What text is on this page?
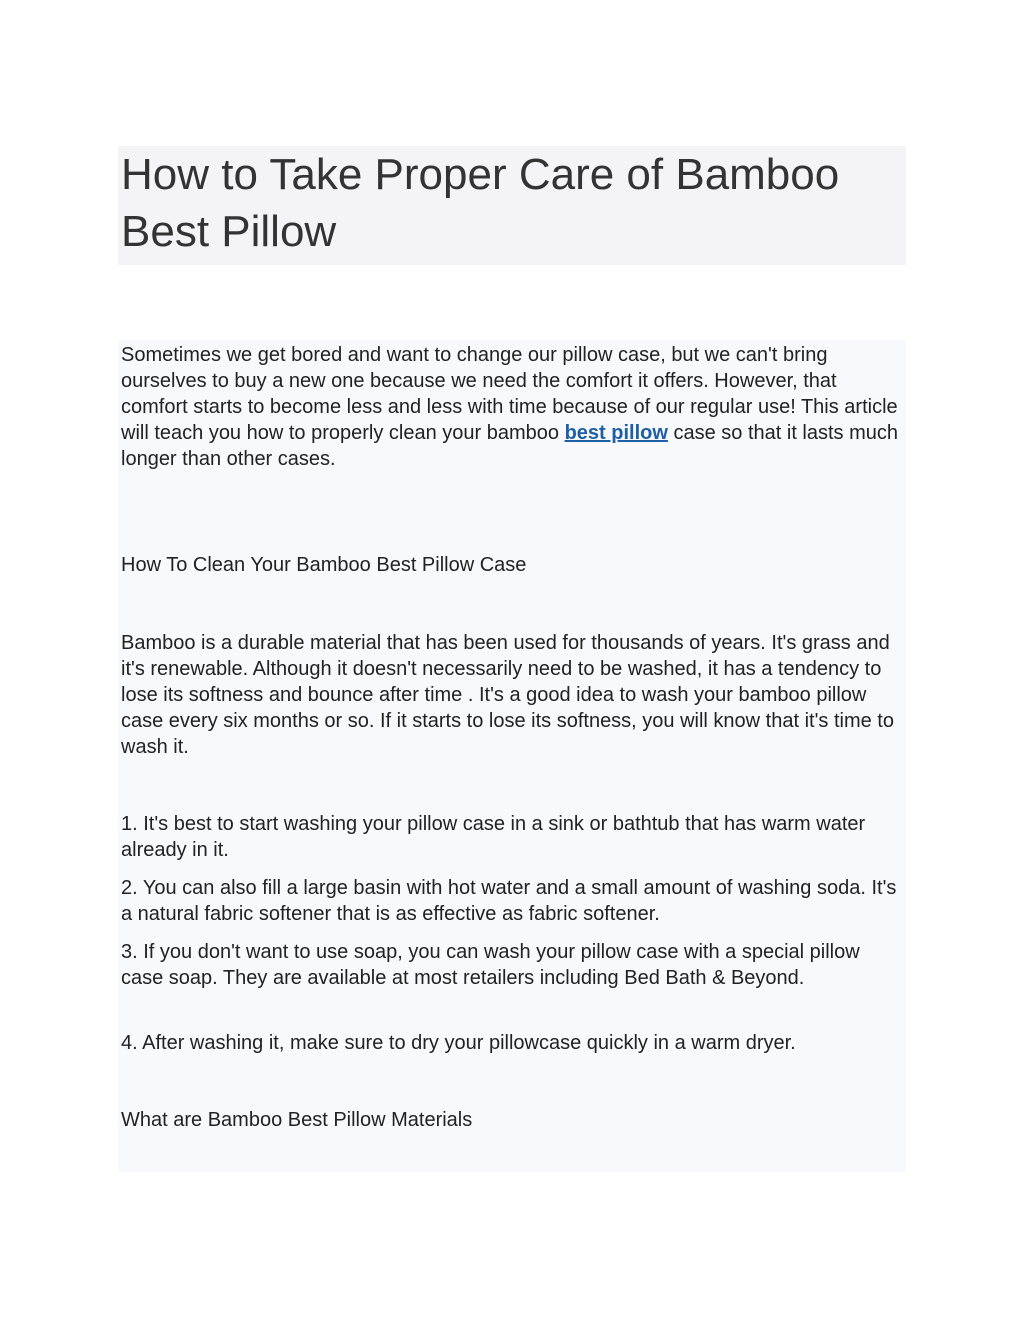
How to Take Proper Care of Bamboo Best Pillow

Sometimes we get bored and want to change our pillow case, but we can't bring ourselves to buy a new one because we need the comfort it offers. However, that comfort starts to become less and less with time because of our regular use! This article will teach you how to properly clean your bamboo best pillow case so that it lasts much longer than other cases.

How To Clean Your Bamboo Best Pillow Case

Bamboo is a durable material that has been used for thousands of years. It's grass and it's renewable. Although it doesn't necessarily need to be washed, it has a tendency to lose its softness and bounce after time . It's a good idea to wash your bamboo pillow case every six months or so. If it starts to lose its softness, you will know that it's time to wash it.

1. It's best to start washing your pillow case in a sink or bathtub that has warm water already in it.

2. You can also fill a large basin with hot water and a small amount of washing soda. It's a natural fabric softener that is as effective as fabric softener.

3. If you don't want to use soap, you can wash your pillow case with a special pillow case soap. They are available at most retailers including Bed Bath & Beyond.

4. After washing it, make sure to dry your pillowcase quickly in a warm dryer.

What are Bamboo Best Pillow Materials
